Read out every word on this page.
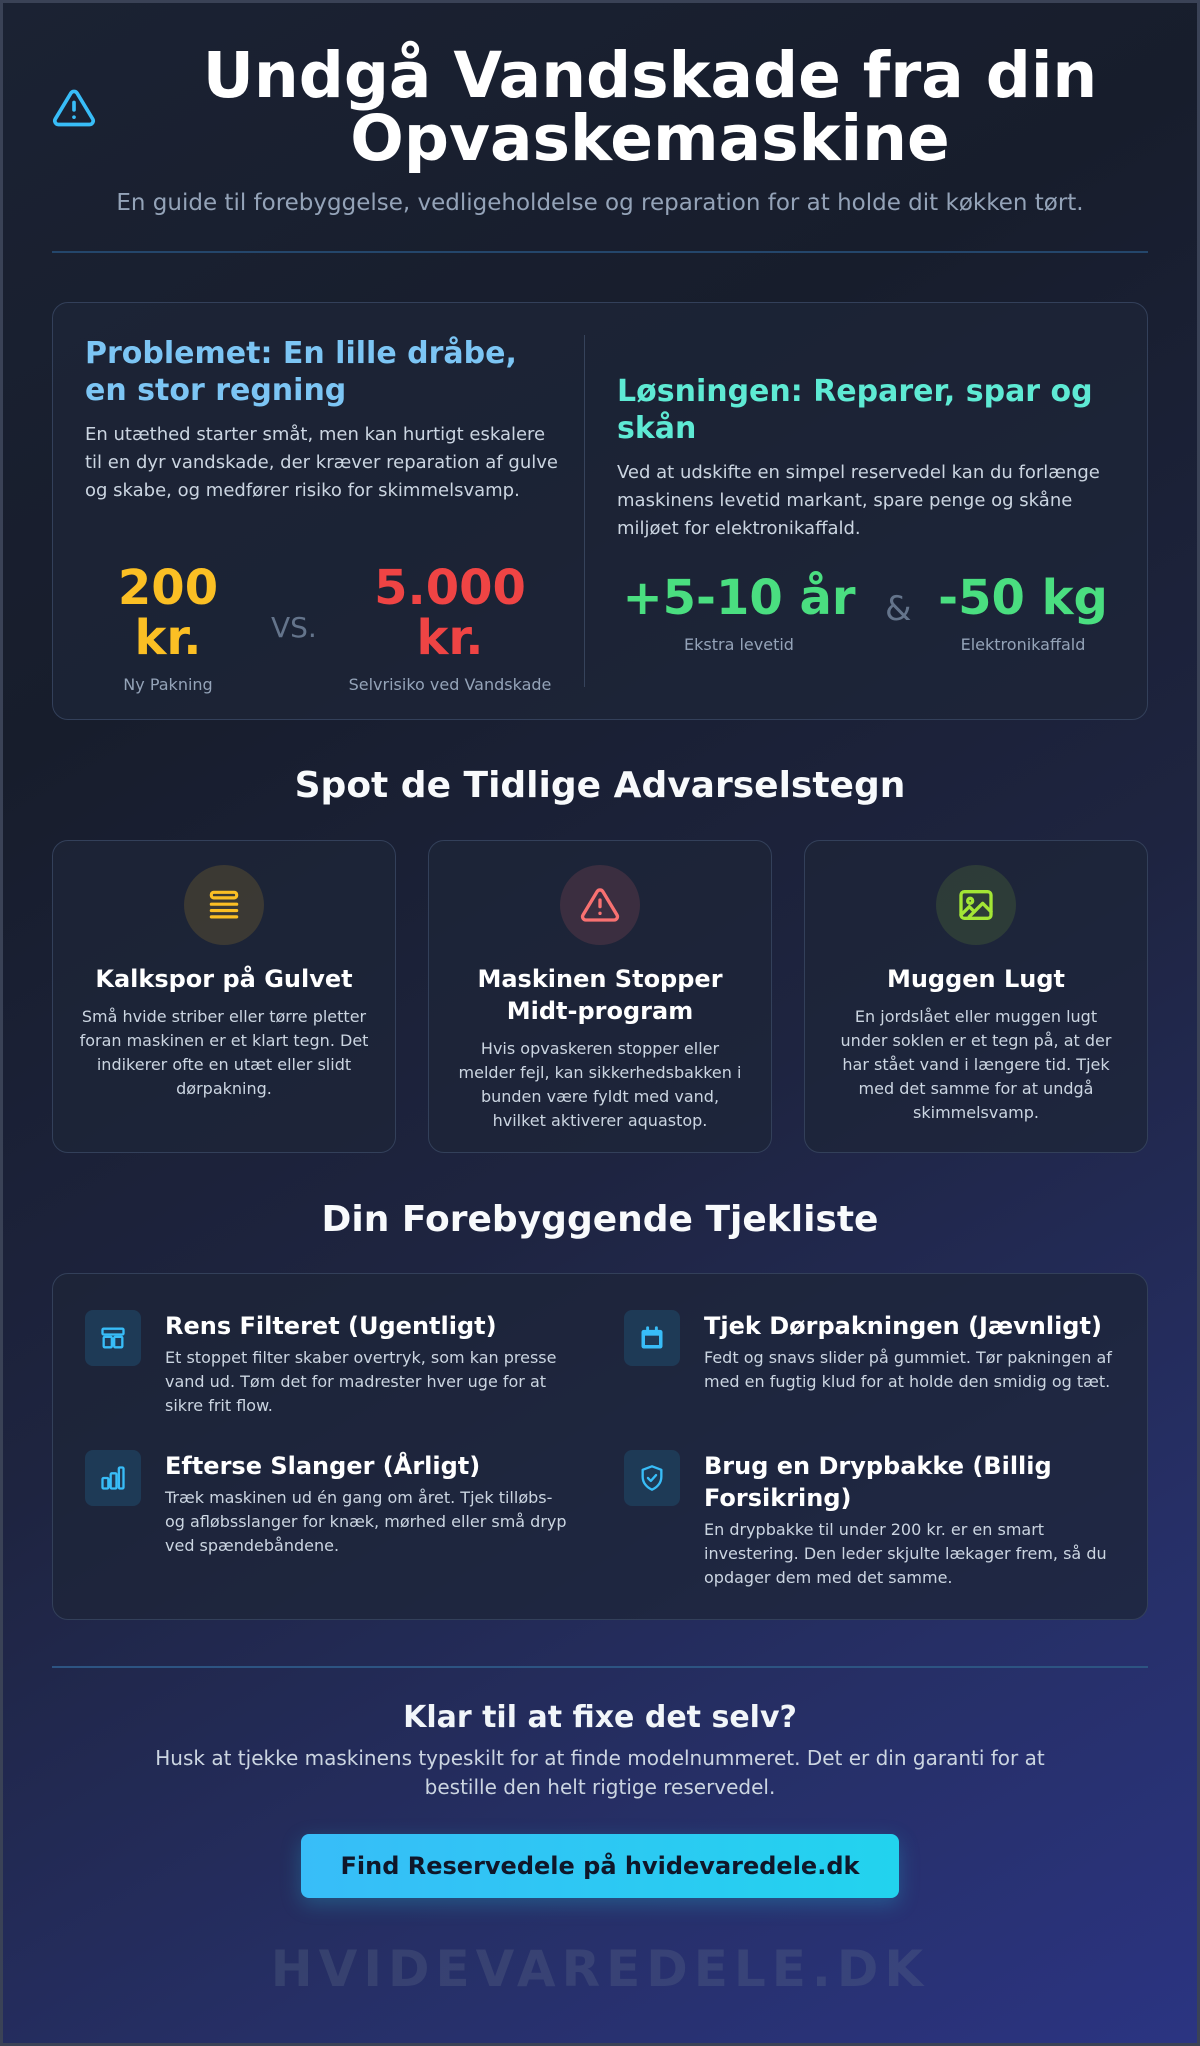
Undgå Vandskade fra din Opvaskemaskine

En guide til forebyggelse, vedligeholdelse og reparation for at holde dit køkken tørt.

Problemet: En lille dråbe, en stor regning

En utæthed starter småt, men kan hurtigt eskalere til en dyr vandskade, der kræver reparation af gulve og skabe, og medfører risiko for skimmelsvamp.

200
kr.
Ny Pakning
VS.
5.000
kr.
Selvrisiko ved Vandskade
Løsningen: Reparer, spar og skån

Ved at udskifte en simpel reservedel kan du forlænge maskinens levetid markant, spare penge og skåne miljøet for elektronikaffald.

+5-10 år
Ekstra levetid
& -50 kg
Elektronikaffald
Spot de Tidlige Advarselstegn
Kalkspor på Gulvet

Små hvide striber eller tørre pletter foran maskinen er et klart tegn. Det indikerer ofte en utæt eller slidt dørpakning.

Maskinen Stopper Midt-program

Hvis opvaskeren stopper eller melder fejl, kan sikkerhedsbakken i bunden være fyldt med vand, hvilket aktiverer aquastop.

Muggen Lugt

En jordslået eller muggen lugt under soklen er et tegn på, at der har stået vand i længere tid. Tjek med det samme for at undgå skimmelsvamp.

Din Forebyggende Tjekliste
Rens Filteret (Ugentligt)

Et stoppet filter skaber overtryk, som kan presse vand ud. Tøm det for madrester hver uge for at sikre frit flow.

Tjek Dørpakningen (Jævnligt)

Fedt og snavs slider på gummiet. Tør pakningen af med en fugtig klud for at holde den smidig og tæt.

Efterse Slanger (Årligt)

Træk maskinen ud én gang om året. Tjek tilløbs- og afløbsslanger for knæk, mørhed eller små dryp ved spændebåndene.

Brug en Drypbakke (Billig Forsikring)

En drypbakke til under 200 kr. er en smart investering. Den leder skjulte lækager frem, så du opdager dem med det samme.

Klar til at fixe det selv?

Husk at tjekke maskinens typeskilt for at finde modelnummeret. Det er din garanti for at bestille den helt rigtige reservedel.

Find Reservedele på hvidevaredele.dk
HVIDEVAREDELE.DK
